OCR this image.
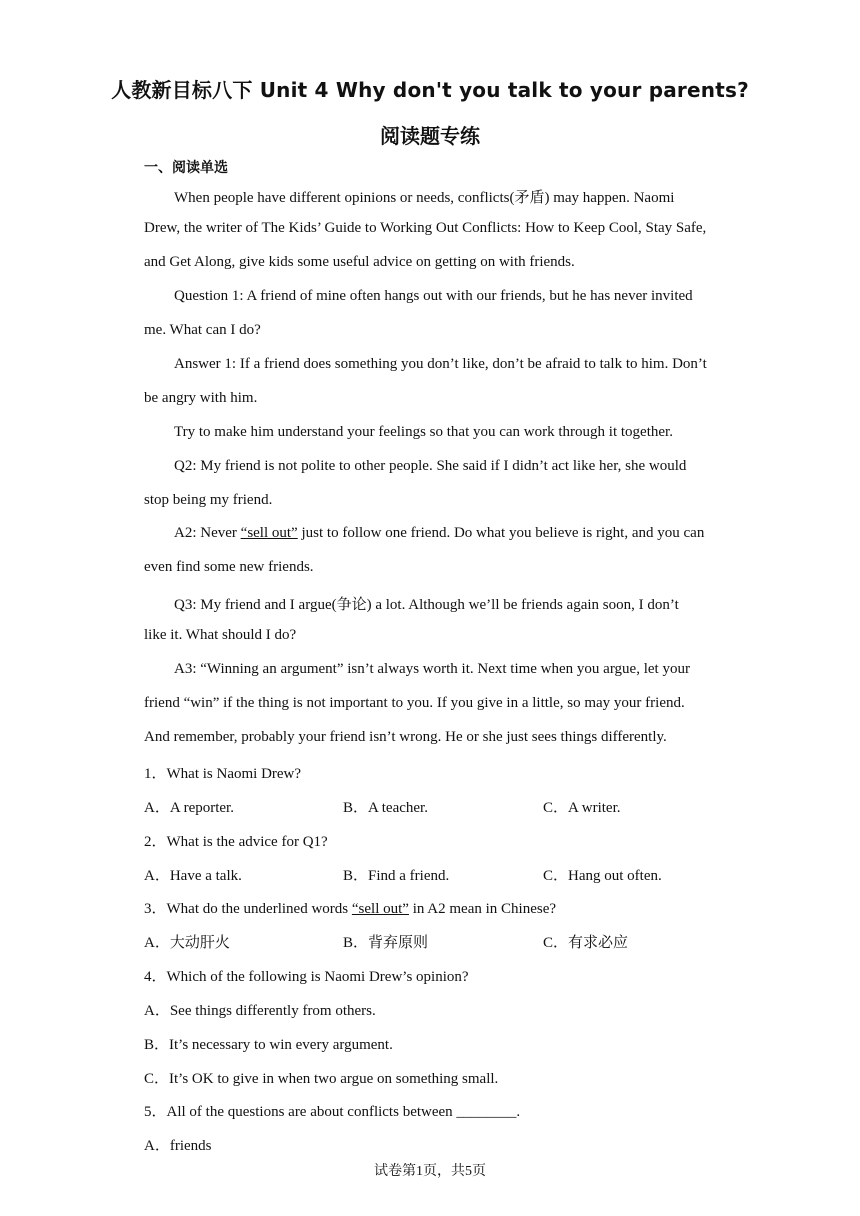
人教新目标八下 Unit 4 Why don't you talk to your parents?
阅读题专练
一、阅读单选
When people have different opinions or needs, conflicts(矛盾) may happen. Naomi
Drew, the writer of The Kids’ Guide to Working Out Conflicts: How to Keep Cool, Stay Safe,
and Get Along, give kids some useful advice on getting on with friends.
Question 1: A friend of mine often hangs out with our friends, but he has never invited
me. What can I do?
Answer 1: If a friend does something you don’t like, don’t be afraid to talk to him. Don’t
be angry with him.
Try to make him understand your feelings so that you can work through it together.
Q2: My friend is not polite to other people. She said if I didn’t act like her, she would
stop being my friend.
A2: Never “sell out” just to follow one friend. Do what you believe is right, and you can
even find some new friends.
Q3: My friend and I argue(争论) a lot. Although we’ll be friends again soon, I don’t
like it. What should I do?
A3: “Winning an argument” isn’t always worth it. Next time when you argue, let your
friend “win” if the thing is not important to you. If you give in a little, so may your friend.
And remember, probably your friend isn’t wrong. He or she just sees things differently.
1．What is Naomi Drew?
A．A reporter.	B．A teacher.	C．A writer.
2．What is the advice for Q1?
A．Have a talk.	B．Find a friend.	C．Hang out often.
3．What do the underlined words “sell out” in A2 mean in Chinese?
A．大动肝火	B．背弃原则	C．有求必应
4．Which of the following is Naomi Drew’s opinion?
A．See things differently from others.
B．It’s necessary to win every argument.
C．It’s OK to give in when two argue on something small.
5．All of the questions are about conflicts between ________.
A．friends
试卷第1页，共5页
